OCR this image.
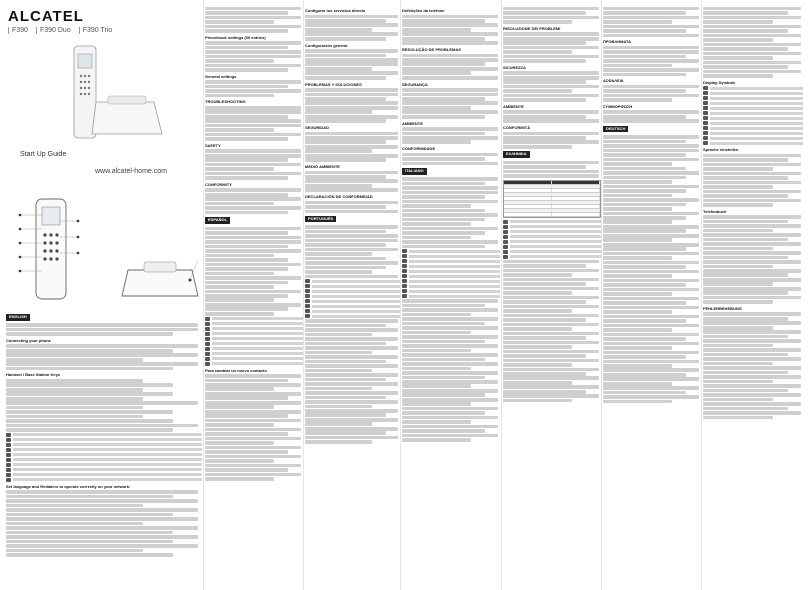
ALCATEL
F390	F390 Duo	F390 Trio
Start Up Guide
www.alcatel-home.com
ENGLISH
Connecting your phone
Handset / Base Station Keys
Set language and Redialers to operate correctly on your network:
Phonebook settings (30 entries)
General settings
TROUBLESHOOTING
SAFETY
CONFORMITY
ESPAÑOL
Para cambiar un nuevo contacto
Configurar los servicios directo
Configuración general
PROBLEMAS Y SOLUCIONES
SEGURIDAD
MEDIO AMBIENTE
DECLARACIÓN DE CONFORMIDAD
PORTUGUÊS
Definições da telefone
RESOLUÇÃO DE PROBLEMAS
SEGURANÇA
AMBIENTE
CONFORMIDADE
ITALIANO
RISOLUZIONE DEI PROBLEMI
SICUREZZA
AMBIENTE
CONFORMITÀ
ΕΛΛΗΝΙΚΑ
ΠΡΟΒΛΗΜΑΤΑ
ΑΣΦΑΛΕΙΑ
ΣΥΜΜΟΡΦΩΣΗ
DEUTSCH
Display-Symbole
Sprache einstellen
Telefonbuch
FEHLERBEHEBUNG
